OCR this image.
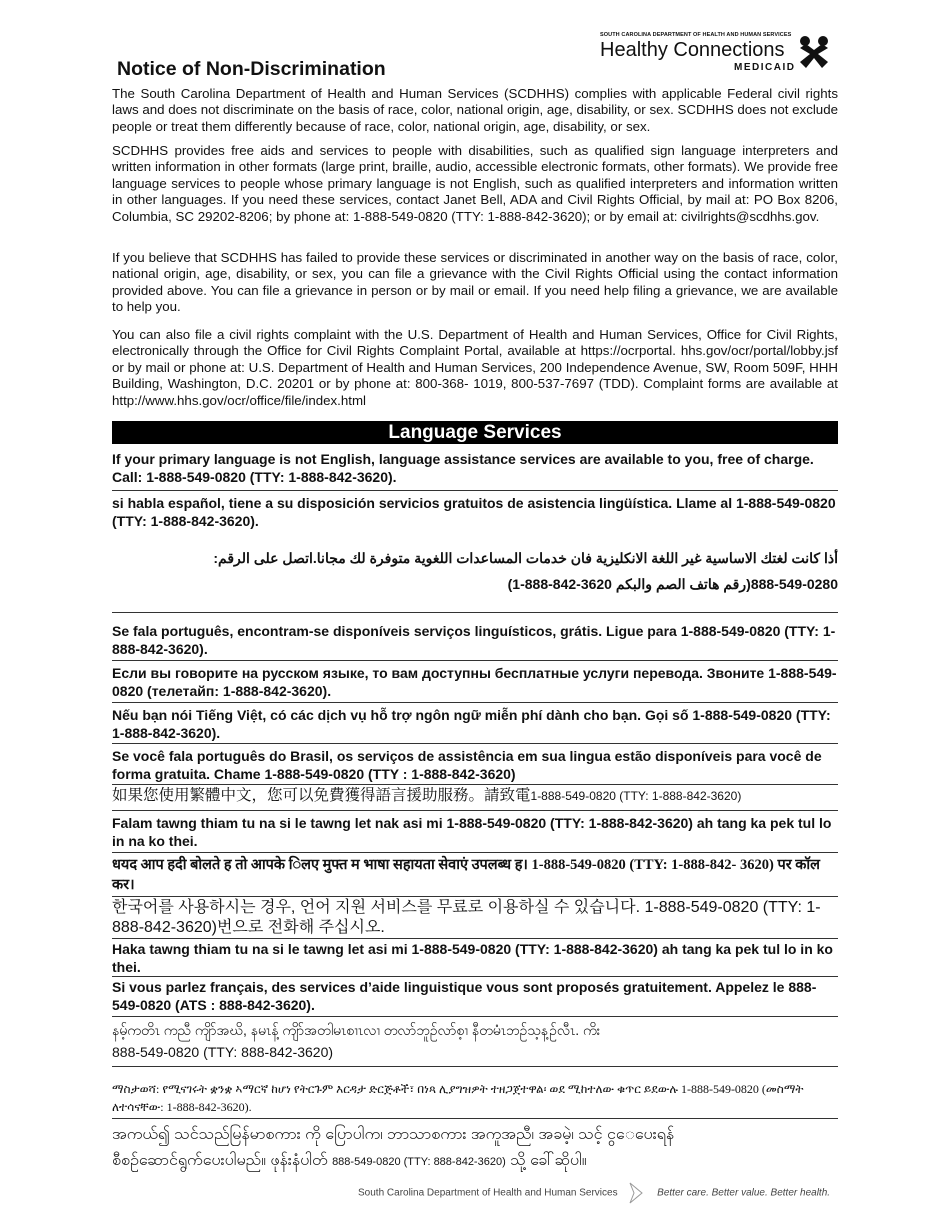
SOUTH CAROLINA DEPARTMENT OF HEALTH AND HUMAN SERVICES
Healthy Connections
MEDICAID
Notice of Non-Discrimination

The South Carolina Department of Health and Human Services (SCDHHS) complies with applicable Federal civil rights laws and does not discriminate on the basis of race, color, national origin, age, disability, or sex. SCDHHS does not exclude people or treat them differently because of race, color, national origin, age, disability, or sex.

SCDHHS provides free aids and services to people with disabilities, such as qualified sign language interpreters and written information in other formats (large print, braille, audio, accessible electronic formats, other formats). We provide free language services to people whose primary language is not English, such as qualified interpreters and information written in other languages. If you need these services, contact Janet Bell, ADA and Civil Rights Official, by mail at: PO Box 8206, Columbia, SC 29202-8206; by phone at: 1-888-549-0820 (TTY: 1-888-842-3620); or by email at: civilrights@scdhhs.gov.

If you believe that SCDHHS has failed to provide these services or discriminated in another way on the basis of race, color, national origin, age, disability, or sex, you can file a grievance with the Civil Rights Official using the contact information provided above. You can file a grievance in person or by mail or email. If you need help filing a grievance, we are available to help you.

You can also file a civil rights complaint with the U.S. Department of Health and Human Services, Office for Civil Rights, electronically through the Office for Civil Rights Complaint Portal, available at https://ocrportal. hhs.gov/ocr/portal/lobby.jsf or by mail or phone at: U.S. Department of Health and Human Services, 200 Independence Avenue, SW, Room 509F, HHH Building, Washington, D.C. 20201 or by phone at: 800-368- 1019, 800-537-7697 (TDD). Complaint forms are available at http://www.hhs.gov/ocr/office/file/index.html

Language Services
If your primary language is not English, language assistance services are available to you, free of charge. Call: 1-888-549-0820 (TTY: 1-888-842-3620).
si habla español, tiene a su disposición servicios gratuitos de asistencia lingüística. Llame al 1-888-549-0820 (TTY: 1-888-842-3620).
أذا كانت لغتك الاساسية غير اللغة الانكليزية فان خدمات المساعدات اللغوية متوفرة لك مجانا.اتصل على الرقم:
888-549-0280(رقم هاتف الصم والبكم 3620-842-888-1)
Se fala português, encontram-se disponíveis serviços linguísticos, grátis. Ligue para 1-888-549-0820 (TTY: 1-888-842-3620).
Если вы говорите на русском языке, то вам доступны бесплатные услуги перевода. Звоните 1-888-549-0820 (телетайп: 1-888-842-3620).
Nếu bạn nói Tiếng Việt, có các dịch vụ hỗ trợ ngôn ngữ miễn phí dành cho bạn. Gọi số 1-888-549-0820 (TTY: 1-888-842-3620).
Se você fala português do Brasil, os serviços de assistência em sua lingua estão disponíveis para você de forma gratuita. Chame 1-888-549-0820 (TTY : 1-888-842-3620)
如果您使用繁體中文，您可以免費獲得語言援助服務。請致電1-888-549-0820 (TTY: 1-888-842-3620)
Falam tawng thiam tu na si le tawng let nak asi mi 1-888-549-0820 (TTY: 1-888-842-3620) ah tang ka pek tul lo in na ko thei.
धयद आप हदी बोलते ह तो आपके िलए मुफ्त म भाषा सहायता सेवाएं उपलब्ध ह। 1-888-549-0820 (TTY: 1-888-842- 3620) पर कॉल कर।
한국어를 사용하시는 경우, 언어 지원 서비스를 무료로 이용하실 수 있습니다. 1-888-549-0820 (TTY: 1-888-842-3620)번으로 전화해 주십시오.
Haka tawng thiam tu na si le tawng let asi mi 1-888-549-0820 (TTY: 1-888-842-3620) ah tang ka pek tul lo in ko thei.
Si vous parlez français, des services d’aide linguistique vous sont proposés gratuitement. Appelez le 888-549-0820 (ATS : 888-842-3620).
နမ့်ကတိၤ ကညီ ကျိာ်အဃိ, နမၤန့် ကျိာ်အတါမၤစၢၤလၢ တလာ်ဘူဉ်လာ်စ့ၢ နီတမံၤဘဉ်သ့န့ဉ်လီၤ. ကိး
888-549-0820 (TTY: 888-842-3620)
ማስታወሻ: የሚናገሩት ቋንቋ ኣማርኛ ከሆነ የትርጉም እርዳታ ድርጅቶች፣ በነጻ ሊያግዝዎት ተዘጋጀተዋል፡ ወደ ሚከተለው ቁጥር ይደውሉ 1-888-549-0820 (መስማት ለተሳናቸው: 1-888-842-3620).
အကယ်၍ သင်သည်မြန်မာစကား ကို ပြောပါက၊ ဘာသာစကား အကူအညီ၊ အခမဲ့၊ သင့် ‌ငွ‌ေ‌ပေးရန်
စီစဥ်ဆောင်ရွက်ပေးပါမည်။ ဖုန်းနံပါတ် 888-549-0820 (TTY: 888-842-3620) သို့ ခေါ်ဆိုပါ။
South Carolina Department of Health and Human Services	Better care. Better value. Better health.
